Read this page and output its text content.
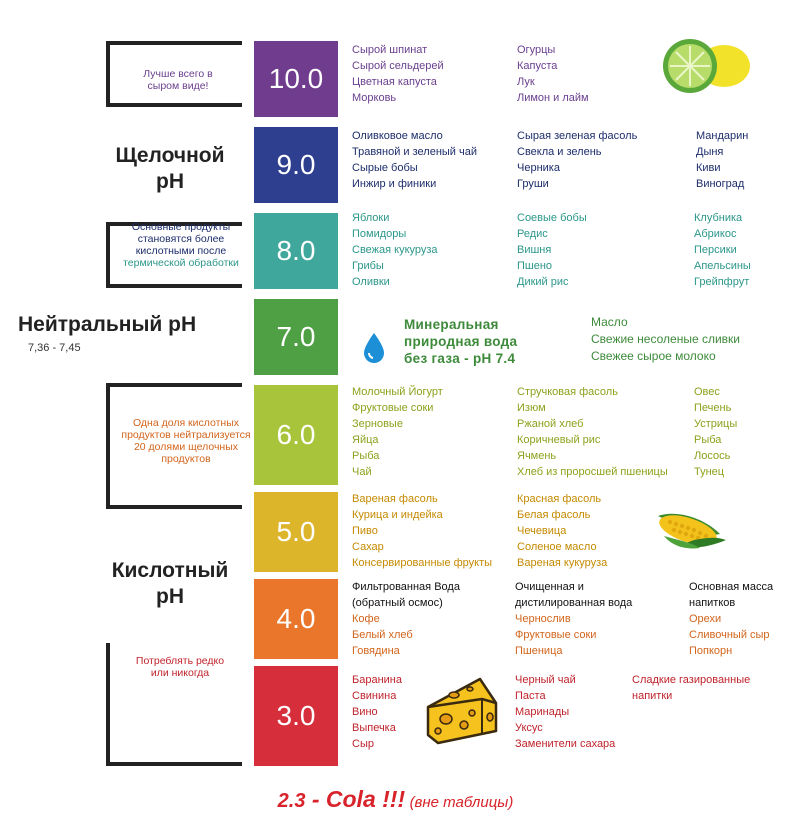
Лучше всего в сыром виде!
Щелочной
pH
Основные продукты становятся более кислотными после термической обработки
Нейтральный pH
7,36 - 7,45
Одна доля кислотных продуктов нейтрализуется 20 долями щелочных продуктов
Кислотный
pH
Потреблять редко или никогда
10.0
9.0
8.0
7.0
6.0
5.0
4.0
3.0
Сырой шпинат
Сырой сельдерей
Цветная капуста
Морковь
Огурцы
Капуста
Лук
Лимон и лайм
Оливковое масло
Травяной и зеленый чай
Сырые бобы
Инжир и финики
Сырая зеленая фасоль
Свекла и зелень
Черника
Груши
Мандарин
Дыня
Киви
Виноград
Яблоки
Помидоры
Свежая кукуруза
Грибы
Оливки
Соевые бобы
Редис
Вишня
Пшено
Дикий рис
Клубника
Абрикос
Персики
Апельсины
Грейпфрут
Минеральная
природная вода
без газа - pH 7.4
Масло
Свежие несоленые сливки
Свежее сырое молоко
Молочный Йогурт
Фруктовые соки
Зерновые
Яйца
Рыба
Чай
Стручковая фасоль
Изюм
Ржаной хлеб
Коричневый рис
Ячмень
Хлеб из проросшей пшеницы
Овес
Печень
Устрицы
Рыба
Лосось
Тунец
Вареная фасоль
Курица и индейка
Пиво
Сахар
Консервированные фрукты
Красная фасоль
Белая фасоль
Чечевица
Соленое масло
Вареная кукуруза
Фильтрованная Вода
(обратный осмос)
Кофе
Белый хлеб
Говядина
Очищенная и
дистилированная вода
Чернослив
Фруктовые соки
Пшеница
Основная масса
напитков
Орехи
Сливочный сыр
Попкорн
Баранина
Свинина
Вино
Выпечка
Сыр
Черный чай
Паста
Маринады
Уксус
Заменители сахара
Сладкие газированные
напитки
2.3 - Cola !!! (вне таблицы)
